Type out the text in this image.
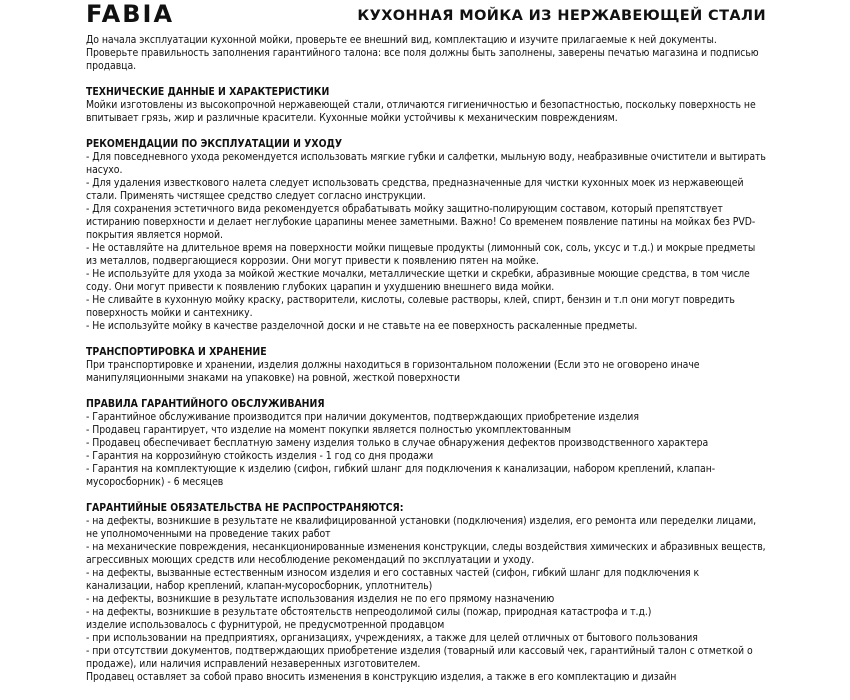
FABIA	КУХОННАЯ МОЙКА ИЗ НЕРЖАВЕЮЩЕЙ СТАЛИ

До начала эксплуатации кухонной мойки, проверьте ее внешний вид, комплектацию и изучите прилагаемые к ней документы. Проверьте правильность заполнения гарантийного талона: все поля должны быть заполнены, заверены печатью магазина и подписью продавца.

ТЕХНИЧЕСКИЕ ДАННЫЕ И ХАРАКТЕРИСТИКИ

Мойки изготовлены из высокопрочной нержавеющей стали, отличаются гигиеничностью и безопастностью, поскольку поверхность не впитывает грязь, жир и различные красители. Кухонные мойки устойчивы к механическим повреждениям.

РЕКОМЕНДАЦИИ ПО ЭКСПЛУАТАЦИИ И УХОДУ

- Для повседневного ухода рекомендуется использовать мягкие губки и салфетки, мыльную воду, неабразивные очистители и вытирать насухо.
- Для удаления известкового налета следует использовать средства, предназначенные для чистки кухонных моек из нержавеющей стали. Применять чистящее средство следует согласно инструкции.
- Для сохранения эстетичного вида рекомендуется обрабатывать мойку защитно-полирующим составом, который препятствует истиранию поверхности и делает неглубокие царапины менее заметными. Важно! Со временем появление патины на мойках без PVD-покрытия является нормой.
- Не оставляйте на длительное время на поверхности мойки пищевые продукты (лимонный сок, соль, уксус и т.д.) и мокрые предметы из металлов, подвергающиеся коррозии. Они могут привести к появлению пятен на мойке.
- Не используйте для ухода за мойкой жесткие мочалки, металлические щетки и скребки, абразивные моющие средства, в том числе соду. Они могут привести к появлению глубоких царапин и ухудшению внешнего вида мойки.
- Не сливайте в кухонную мойку краску, растворители, кислоты, солевые растворы, клей, спирт, бензин и т.п они могут повредить поверхность мойки и сантехнику.
- Не используйте мойку в качестве разделочной доски и не ставьте на ее поверхность раскаленные предметы.

ТРАНСПОРТИРОВКА И ХРАНЕНИЕ

При транспортировке и хранении, изделия должны находиться в горизонтальном положении (Если это не оговорено иначе манипуляционными знаками на упаковке) на ровной, жесткой поверхности

ПРАВИЛА ГАРАНТИЙНОГО ОБСЛУЖИВАНИЯ

- Гарантийное обслуживание производится при наличии документов, подтверждающих приобретение изделия
- Продавец гарантирует, что изделие на момент покупки является полностью укомплектованным
- Продавец обеспечивает бесплатную замену изделия только в случае обнаружения дефектов производственного характера
- Гарантия на коррозийную стойкость изделия - 1 год со дня продажи
- Гарантия на комплектующие к изделию (сифон, гибкий шланг для подключения к канализации, набором креплений, клапан-мусоросборник) - 6 месяцев

ГАРАНТИЙНЫЕ ОБЯЗАТЕЛЬСТВА НЕ РАСПРОСТРАНЯЮТСЯ:

- на дефекты, возникшие в результате не квалифицированной установки (подключения) изделия, его ремонта или переделки лицами, не уполномоченными на проведение таких работ
- на механические повреждения, несанкционированные изменения конструкции, следы воздействия химических и абразивных веществ, агрессивных моющих средств или несоблюдение рекомендаций по эксплуатации и уходу.
- на дефекты, вызванные естественным износом изделия и его составных частей (сифон, гибкий шланг для подключения к канализации, набор креплений, клапан-мусоросборник, уплотнитель)
- на дефекты, возникшие в результате использования изделия не по его прямому назначению
- на дефекты, возникшие в результате обстоятельств непреодолимой силы (пожар, природная катастрофа и т.д.)
изделие использовалось с фурнитурой, не предусмотренной продавцом
- при использовании на предприятиях, организациях, учреждениях, а также для целей отличных от бытового пользования
- при отсутствии документов, подтверждающих приобретение изделия (товарный или кассовый чек, гарантийный талон с отметкой о продаже), или наличия исправлений незаверенных изготовителем.

Продавец оставляет за собой право вносить изменения в конструкцию изделия, а также в его комплектацию и дизайн
